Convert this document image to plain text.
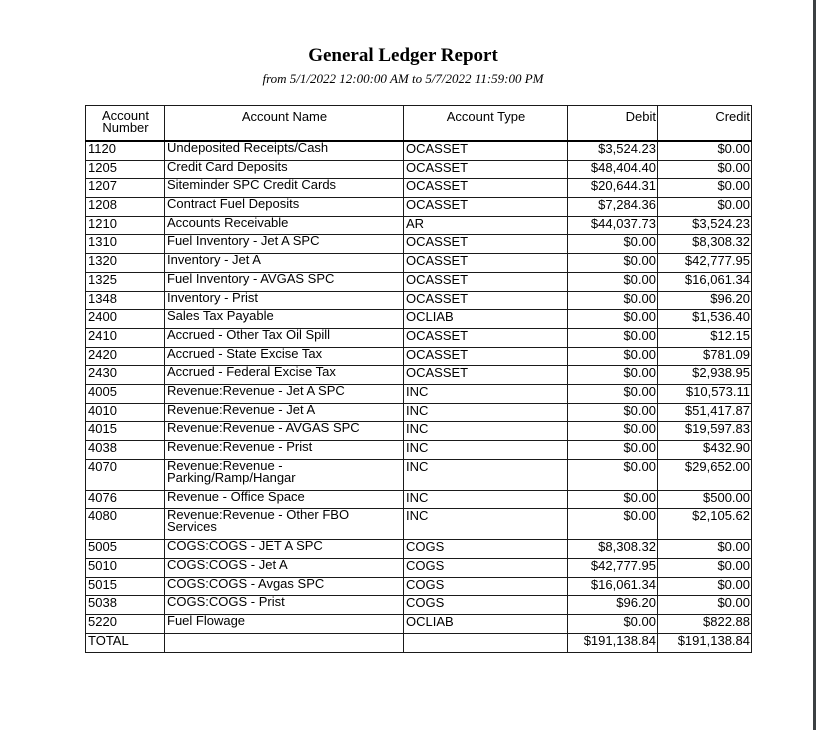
General Ledger Report
from 5/1/2022 12:00:00 AM to 5/7/2022 11:59:00 PM
Account Number	Account Name	Account Type	Debit	Credit
1120	Undeposited Receipts/Cash	OCASSET	$3,524.23	$0.00
1205	Credit Card Deposits	OCASSET	$48,404.40	$0.00
1207	Siteminder SPC Credit Cards	OCASSET	$20,644.31	$0.00
1208	Contract Fuel Deposits	OCASSET	$7,284.36	$0.00
1210	Accounts Receivable	AR	$44,037.73	$3,524.23
1310	Fuel Inventory - Jet A SPC	OCASSET	$0.00	$8,308.32
1320	Inventory - Jet A	OCASSET	$0.00	$42,777.95
1325	Fuel Inventory - AVGAS SPC	OCASSET	$0.00	$16,061.34
1348	Inventory - Prist	OCASSET	$0.00	$96.20
2400	Sales Tax Payable	OCLIAB	$0.00	$1,536.40
2410	Accrued - Other Tax Oil Spill	OCASSET	$0.00	$12.15
2420	Accrued - State Excise Tax	OCASSET	$0.00	$781.09
2430	Accrued - Federal Excise Tax	OCASSET	$0.00	$2,938.95
4005	Revenue:Revenue - Jet A SPC	INC	$0.00	$10,573.11
4010	Revenue:Revenue - Jet A	INC	$0.00	$51,417.87
4015	Revenue:Revenue - AVGAS SPC	INC	$0.00	$19,597.83
4038	Revenue:Revenue - Prist	INC	$0.00	$432.90
4070	Revenue:Revenue - Parking/Ramp/Hangar	INC	$0.00	$29,652.00
4076	Revenue - Office Space	INC	$0.00	$500.00
4080	Revenue:Revenue - Other FBO Services	INC	$0.00	$2,105.62
5005	COGS:COGS - JET A SPC	COGS	$8,308.32	$0.00
5010	COGS:COGS - Jet A	COGS	$42,777.95	$0.00
5015	COGS:COGS - Avgas SPC	COGS	$16,061.34	$0.00
5038	COGS:COGS - Prist	COGS	$96.20	$0.00
5220	Fuel Flowage	OCLIAB	$0.00	$822.88
TOTAL			$191,138.84	$191,138.84
